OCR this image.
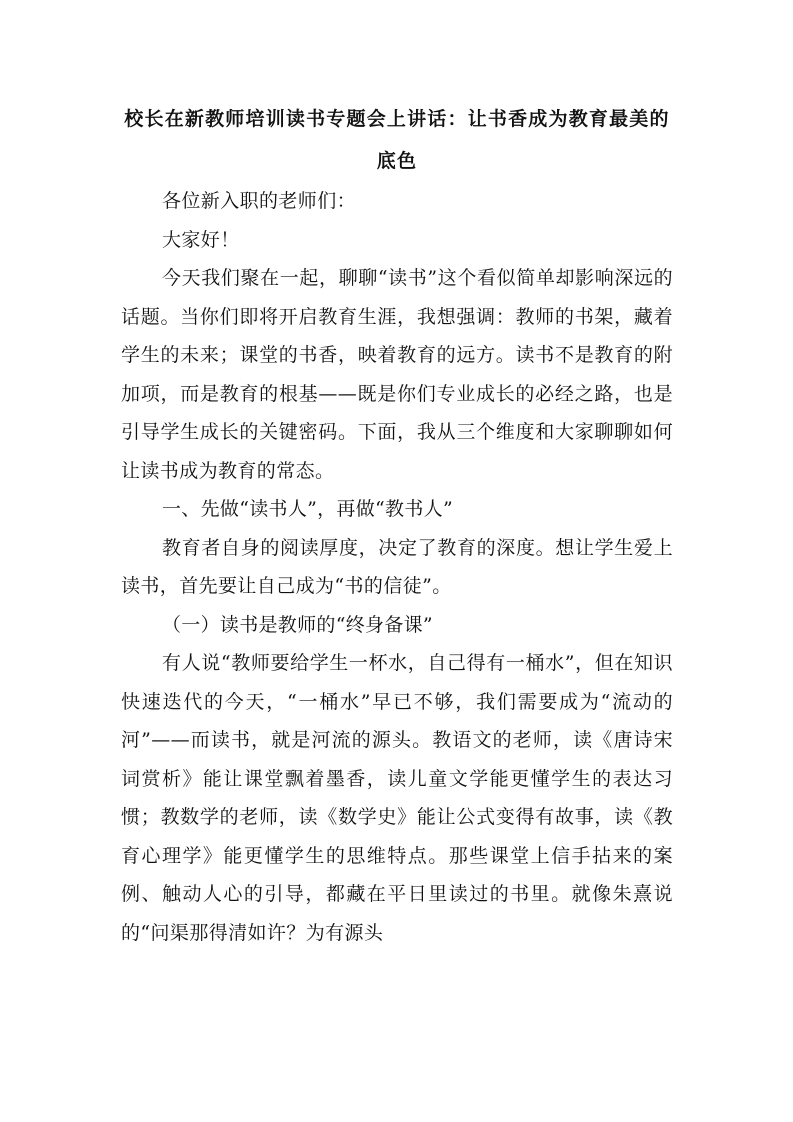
校长在新教师培训读书专题会上讲话：让书香成为教育最美的底色

各位新入职的老师们：

大家好！

今天我们聚在一起，聊聊“读书”这个看似简单却影响深远的话题。当你们即将开启教育生涯，我想强调：教师的书架，藏着学生的未来；课堂的书香，映着教育的远方。读书不是教育的附加项，而是教育的根基——既是你们专业成长的必经之路，也是引导学生成长的关键密码。下面，我从三个维度和大家聊聊如何让读书成为教育的常态。

一、先做“读书人”，再做“教书人”

教育者自身的阅读厚度，决定了教育的深度。想让学生爱上读书，首先要让自己成为“书的信徒”。

（一）读书是教师的“终身备课”

有人说“教师要给学生一杯水，自己得有一桶水”，但在知识快速迭代的今天，“一桶水”早已不够，我们需要成为“流动的河”——而读书，就是河流的源头。教语文的老师，读《唐诗宋词赏析》能让课堂飘着墨香，读儿童文学能更懂学生的表达习惯；教数学的老师，读《数学史》能让公式变得有故事，读《教育心理学》能更懂学生的思维特点。那些课堂上信手拈来的案例、触动人心的引导，都藏在平日里读过的书里。就像朱熹说的“问渠那得清如许？为有源头
